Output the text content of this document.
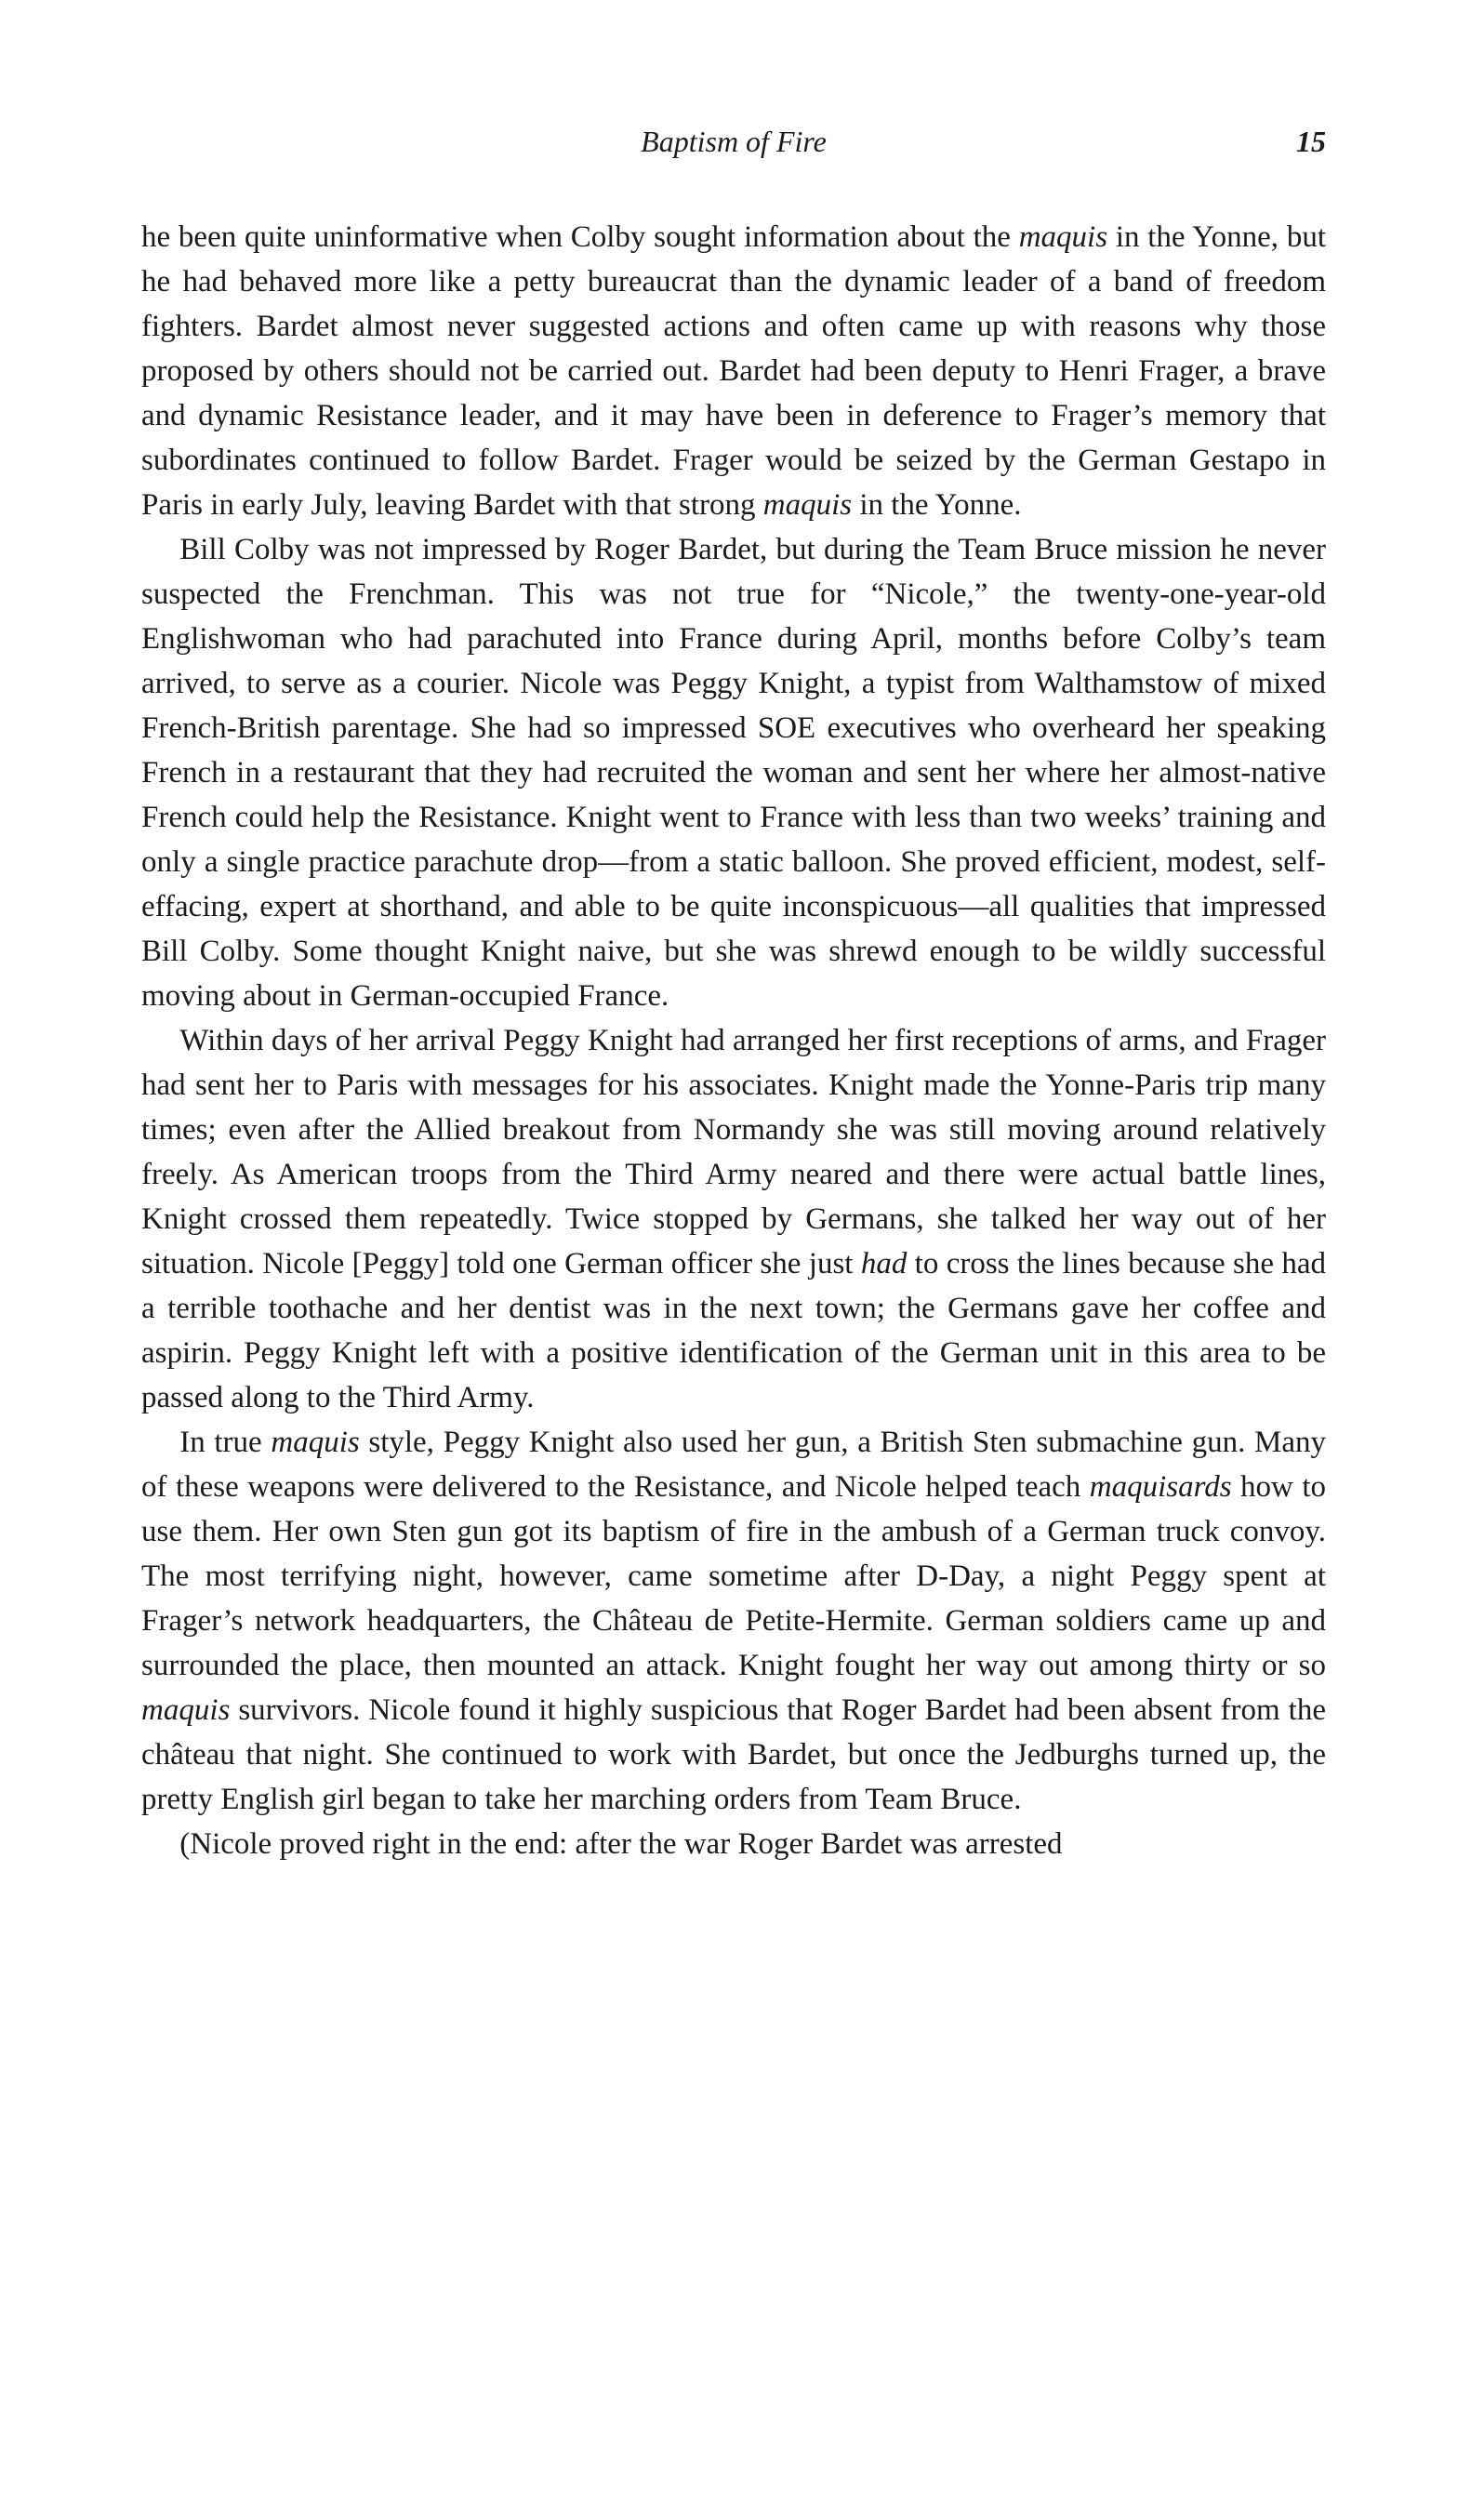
Baptism of Fire	15

he been quite uninformative when Colby sought information about the maquis in the Yonne, but he had behaved more like a petty bureaucrat than the dynamic leader of a band of freedom fighters. Bardet almost never suggested actions and often came up with reasons why those proposed by others should not be carried out. Bardet had been deputy to Henri Frager, a brave and dynamic Resistance leader, and it may have been in deference to Frager’s memory that subordinates continued to follow Bardet. Frager would be seized by the German Gestapo in Paris in early July, leaving Bardet with that strong maquis in the Yonne.

Bill Colby was not impressed by Roger Bardet, but during the Team Bruce mission he never suspected the Frenchman. This was not true for “Nicole,” the twenty-one-year-old Englishwoman who had parachuted into France during April, months before Colby’s team arrived, to serve as a courier. Nicole was Peggy Knight, a typist from Walthamstow of mixed French-British parentage. She had so impressed SOE executives who overheard her speaking French in a restaurant that they had recruited the woman and sent her where her almost-native French could help the Resistance. Knight went to France with less than two weeks’ training and only a single practice parachute drop—from a static balloon. She proved efficient, modest, self-effacing, expert at shorthand, and able to be quite inconspicuous—all qualities that impressed Bill Colby. Some thought Knight naive, but she was shrewd enough to be wildly successful moving about in German-occupied France.

Within days of her arrival Peggy Knight had arranged her first receptions of arms, and Frager had sent her to Paris with messages for his associates. Knight made the Yonne-Paris trip many times; even after the Allied breakout from Normandy she was still moving around relatively freely. As American troops from the Third Army neared and there were actual battle lines, Knight crossed them repeatedly. Twice stopped by Germans, she talked her way out of her situation. Nicole [Peggy] told one German officer she just had to cross the lines because she had a terrible toothache and her dentist was in the next town; the Germans gave her coffee and aspirin. Peggy Knight left with a positive identification of the German unit in this area to be passed along to the Third Army.

In true maquis style, Peggy Knight also used her gun, a British Sten submachine gun. Many of these weapons were delivered to the Resistance, and Nicole helped teach maquisards how to use them. Her own Sten gun got its baptism of fire in the ambush of a German truck convoy. The most terrifying night, however, came sometime after D-Day, a night Peggy spent at Frager’s network headquarters, the Château de Petite-Hermite. German soldiers came up and surrounded the place, then mounted an attack. Knight fought her way out among thirty or so maquis survivors. Nicole found it highly suspicious that Roger Bardet had been absent from the château that night. She continued to work with Bardet, but once the Jedburghs turned up, the pretty English girl began to take her marching orders from Team Bruce.

(Nicole proved right in the end: after the war Roger Bardet was arrested
